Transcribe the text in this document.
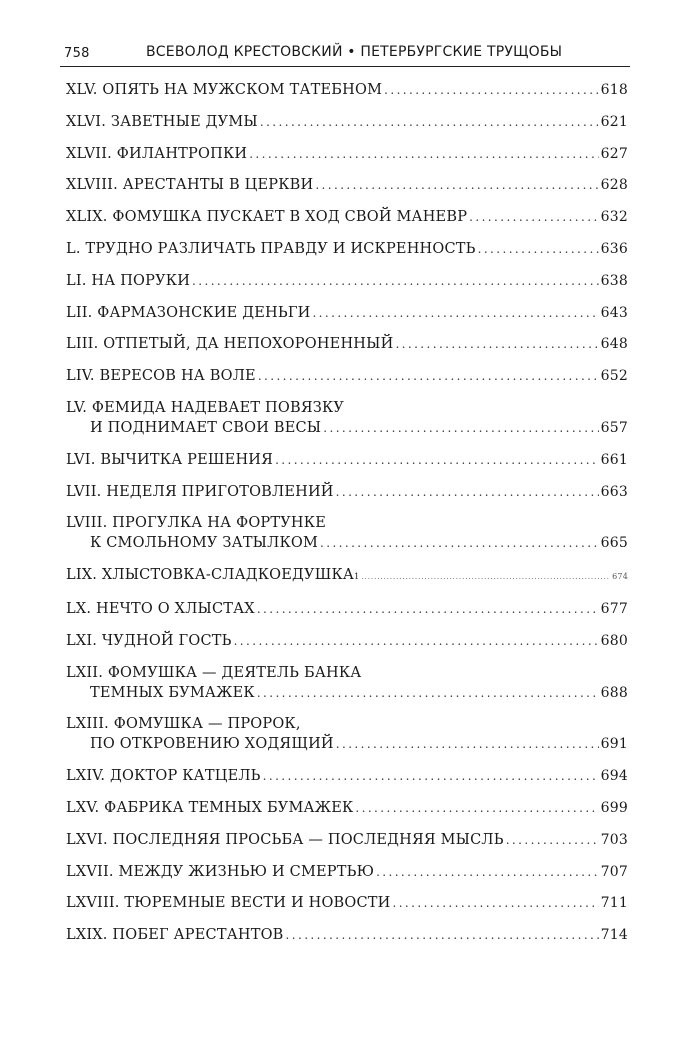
758	ВСЕВОЛОД КРЕСТОВСКИЙ • ПЕТЕРБУРГСКИЕ ТРУЩОБЫ
XLV. ОПЯТЬ НА МУЖСКОМ ТАТЕБНОМ .....	618
XLVI. ЗАВЕТНЫЕ ДУМЫ .....	621
XLVII. ФИЛАНТРОПКИ .....	627
XLVIII. АРЕСТАНТЫ В ЦЕРКВИ .....	628
XLIX. ФОМУШКА ПУСКАЕТ В ХОД СВОЙ МАНЕВР .....	632
L. ТРУДНО РАЗЛИЧАТЬ ПРАВДУ И ИСКРЕННОСТЬ .....	636
LI. НА ПОРУКИ .....	638
LII. ФАРМАЗОНСКИЕ ДЕНЬГИ .....	643
LIII. ОТПЕТЫЙ, ДА НЕПОХОРОНЕННЫЙ .....	648
LIV. ВЕРЕСОВ НА ВОЛЕ .....	652
LV. ФЕМИДА НАДЕВАЕТ ПОВЯЗКУ
И ПОДНИМАЕТ СВОИ ВЕСЫ .....	657
LVI. ВЫЧИТКА РЕШЕНИЯ .....	661
LVII. НЕДЕЛЯ ПРИГОТОВЛЕНИЙ .....	663
LVIII. ПРОГУЛКА НА ФОРТУНКЕ
К СМОЛЬНОМУ ЗАТЫЛКОМ .....	665
LIX. ХЛЫСТОВКА-СЛАДКОЕДУШКА 1 .....	674
LX. НЕЧТО О ХЛЫСТАХ .....	677
LXI. ЧУДНОЙ ГОСТЬ .....	680
LXII. ФОМУШКА — ДЕЯТЕЛЬ БАНКА
ТЕМНЫХ БУМАЖЕК .....	688
LXIII. ФОМУШКА — ПРОРОК,
ПО ОТКРОВЕНИЮ ХОДЯЩИЙ .....	691
LXIV. ДОКТОР КАТЦЕЛЬ .....	694
LXV. ФАБРИКА ТЕМНЫХ БУМАЖЕК .....	699
LXVI. ПОСЛЕДНЯЯ ПРОСЬБА — ПОСЛЕДНЯЯ МЫСЛЬ .....	703
LXVII. МЕЖДУ ЖИЗНЬЮ И СМЕРТЬЮ .....	707
LXVIII. ТЮРЕМНЫЕ ВЕСТИ И НОВОСТИ .....	711
LXIX. ПОБЕГ АРЕСТАНТОВ .....	714
